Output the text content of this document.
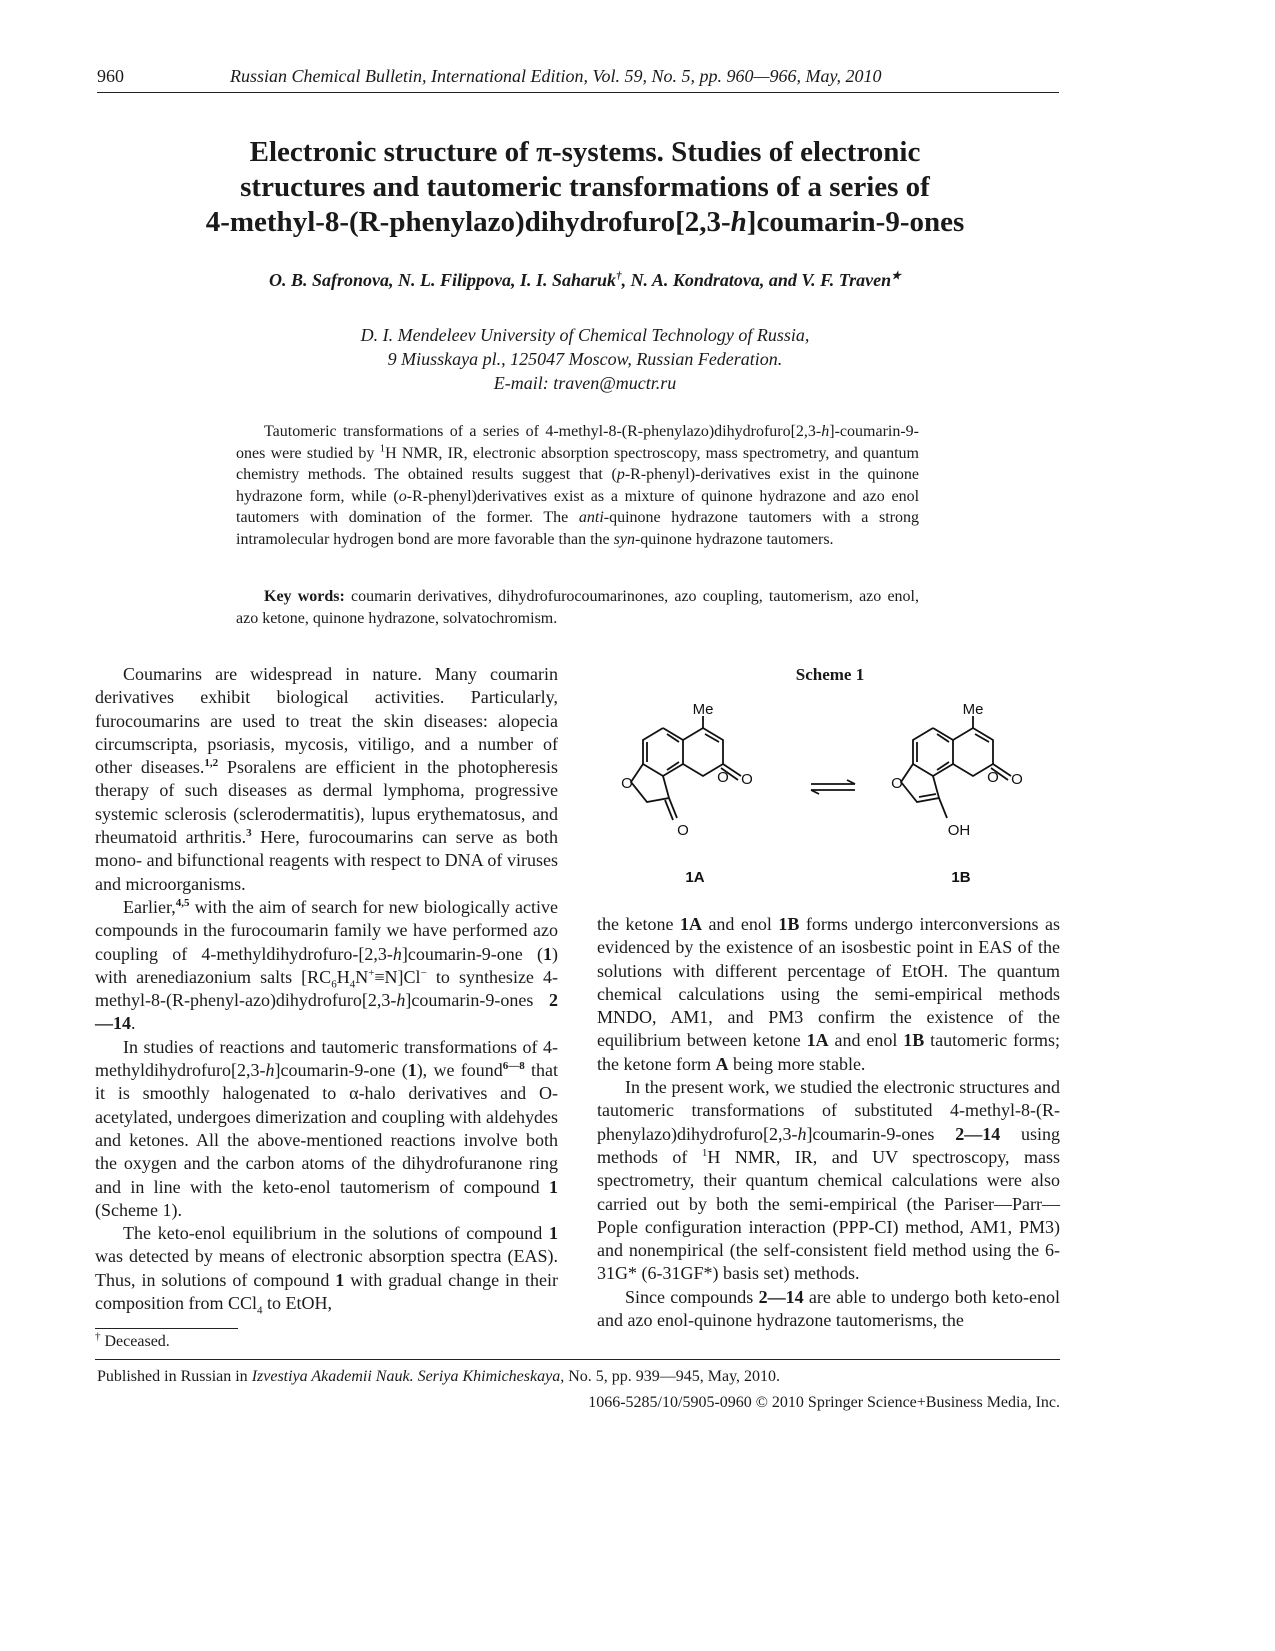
960	Russian Chemical Bulletin, International Edition, Vol. 59, No. 5, pp. 960—966, May, 2010
Electronic structure of π-systems. Studies of electronic
structures and tautomeric transformations of a series of
4-methyl-8-(R-phenylazo)dihydrofuro[2,3-h]coumarin-9-ones
O. B. Safronova, N. L. Filippova, I. I. Saharuk†, N. A. Kondratova, and V. F. Traven★
D. I. Mendeleev University of Chemical Technology of Russia,
9 Miusskaya pl., 125047 Moscow, Russian Federation.
E-mail: traven@muctr.ru

Tautomeric transformations of a series of 4-methyl-8-(R-phenylazo)dihydrofuro[2,3-h]-coumarin-9-ones were studied by $^1$H NMR, IR, electronic absorption spectroscopy, mass spectrometry, and quantum chemistry methods. The obtained results suggest that (p-R-phenyl)-derivatives exist in the quinone hydrazone form, while (o-R-phenyl)derivatives exist as a mixture of quinone hydrazone and azo enol tautomers with domination of the former. The anti-quinone hydrazone tautomers with a strong intramolecular hydrogen bond are more favorable than the syn-quinone hydrazone tautomers.

Key words: coumarin derivatives, dihydrofurocoumarinones, azo coupling, tautomerism, azo enol, azo ketone, quinone hydrazone, solvatochromism.

Coumarins are widespread in nature. Many coumarin derivatives exhibit biological activities. Particularly, furocoumarins are used to treat the skin diseases: alopecia circumscripta, psoriasis, mycosis, vitiligo, and a number of other diseases.$^{1,2}$ Psoralens are efficient in the photopheresis therapy of such diseases as dermal lymphoma, progressive systemic sclerosis (sclerodermatitis), lupus erythematosus, and rheumatoid arthritis.$^3$ Here, furocoumarins can serve as both mono- and bifunctional reagents with respect to DNA of viruses and microorganisms.

Earlier,$^{4,5}$ with the aim of search for new biologically active compounds in the furocoumarin family we have performed azo coupling of 4-methyldihydrofuro-[2,3-h]coumarin-9-one (1) with arenediazonium salts $[RC_6H_4N^+\equiv N]Cl^-$ to synthesize 4-methyl-8-(R-phenyl-azo)dihydrofuro[2,3-h]coumarin-9-ones 2—14.

In studies of reactions and tautomeric transformations of 4-methyldihydrofuro[2,3-h]coumarin-9-one (1), we found$^{6—8}$ that it is smoothly halogenated to α-halo derivatives and O-acetylated, undergoes dimerization and coupling with aldehydes and ketones. All the above-mentioned reactions involve both the oxygen and the carbon atoms of the dihydrofuranone ring and in line with the keto-enol tautomerism of compound 1 (Scheme 1).

The keto-enol equilibrium in the solutions of compound 1 was detected by means of electronic absorption spectra (EAS). Thus, in solutions of compound 1 with gradual change in their composition from CCl$_4$ to EtOH,

Scheme 1
Me
O	O O
O
1A
Me
O	O O
OH
1B

the ketone 1A and enol 1B forms undergo interconversions as evidenced by the existence of an isosbestic point in EAS of the solutions with different percentage of EtOH. The quantum chemical calculations using the semi-empirical methods MNDO, AM1, and PM3 confirm the existence of the equilibrium between ketone 1A and enol 1B tautomeric forms; the ketone form A being more stable.

In the present work, we studied the electronic structures and tautomeric transformations of substituted 4-methyl-8-(R-phenylazo)dihydrofuro[2,3-h]coumarin-9-ones 2—14 using methods of $^1$H NMR, IR, and UV spectroscopy, mass spectrometry, their quantum chemical calculations were also carried out by both the semi-empirical (the Pariser—Parr—Pople configuration interaction (PPP-CI) method, AM1, PM3) and nonempirical (the self-consistent field method using the 6-31G* (6-31GF*) basis set) methods.

Since compounds 2—14 are able to undergo both keto-enol and azo enol-quinone hydrazone tautomerisms, the

† Deceased.
Published in Russian in Izvestiya Akademii Nauk. Seriya Khimicheskaya, No. 5, pp. 939—945, May, 2010.
1066-5285/10/5905-0960 © 2010 Springer Science+Business Media, Inc.
